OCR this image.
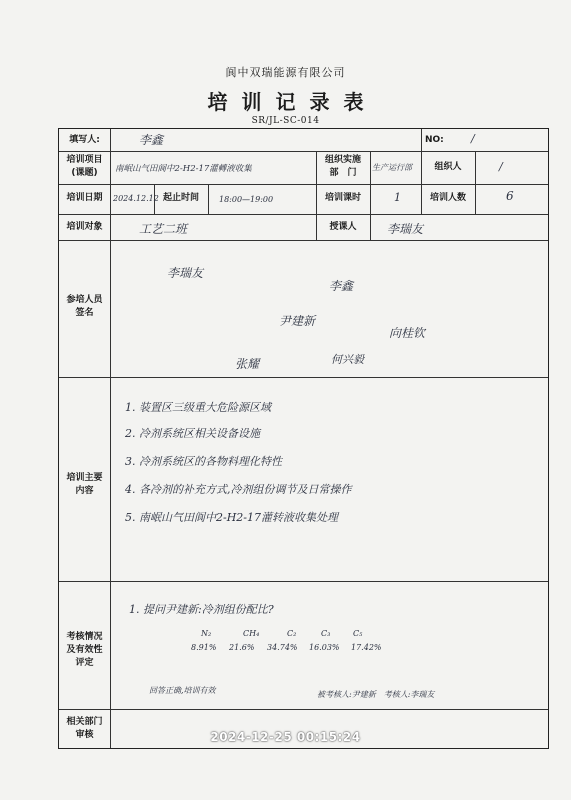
阆中双瑞能源有限公司
培训记录表
SR/JL-SC-014
填写人:	李鑫	NO: /
培训项目
(课题)	南岷山气田阆中2-H2-17灌轉液收集
组织实施
部　门
生产运行部	组织人	/
培训日期	2024.12.12 起止时间	18:00—19:00	培训课时	1	培训人数	6
培训对象	工艺二班	授课人	李瑞友
参培人员
签名
李瑞友
李鑫
尹建新
向桂钦
张耀	何兴毅
培训主要
内容
1. 装置区三级重大危险源区域
2. 冷剂系统区相关设备设施
3. 冷剂系统区的各物料理化特性
4. 各冷剂的补充方式,冷剂组份调节及日常操作
5. 南岷山气田阆中2-H2-17灌转液收集处理
考核情况
及有效性
评定
1. 提问尹建新:冷剂组份配比?
N₂	CH₄	C₂	C₃	C₅
8.91% 21.6% 34.74% 16.03% 17.42%
回答正确,培训有效	被考核人:尹建新　考核人:李瑞友
相关部门
审核	2024-12-25 00:15:24
